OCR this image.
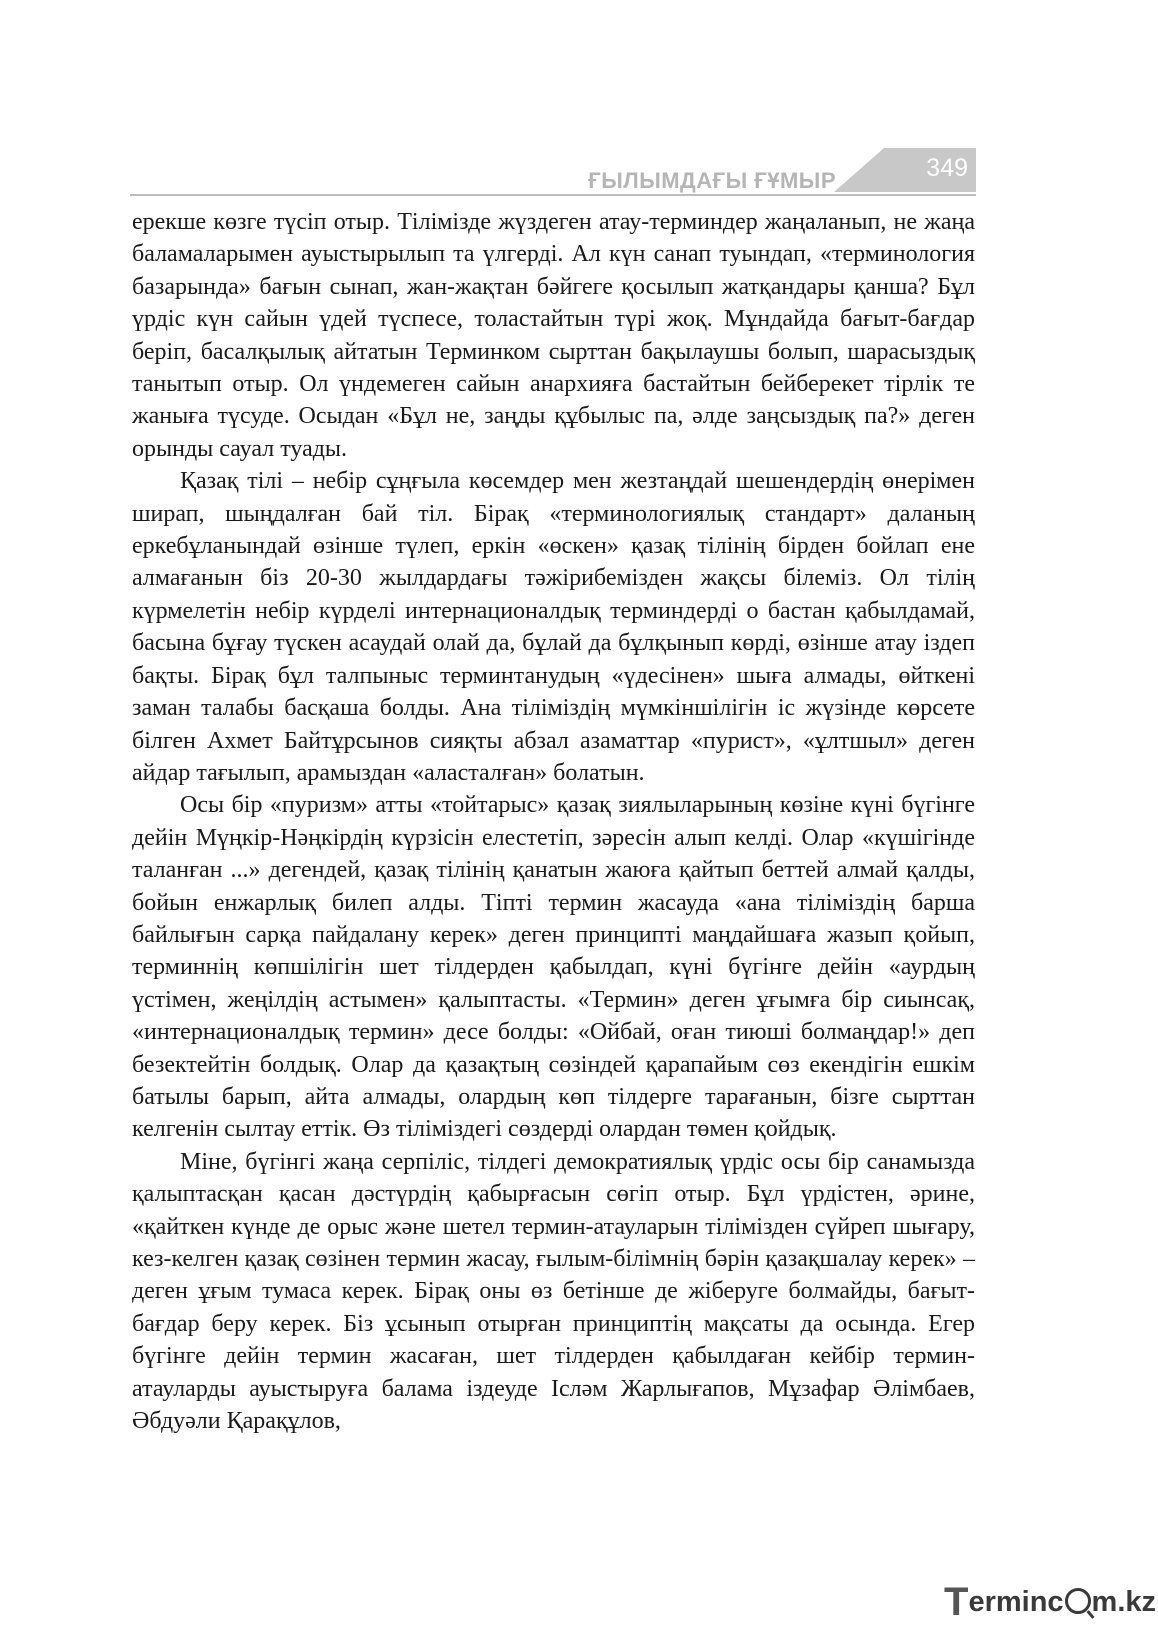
ҒЫЛЫМДАҒЫ ҒҰМЫР	349

ерекше көзге түсіп отыр. Тілімізде жүздеген атау-терминдер жаңаланып, не жаңа баламаларымен ауыстырылып та үлгерді. Ал күн санап туындап, «терминология базарында» бағын сынап, жан-жақтан бәйгеге қосылып жатқандары қанша? Бұл үрдіс күн сайын үдей түспесе, толастайтын түрі жоқ. Мұндайда бағыт-бағдар беріп, басалқылық айтатын Терминком сырттан бақылаушы болып, шарасыздық танытып отыр. Ол үндемеген сайын анархияға бастайтын бейберекет тірлік те жаныға түсуде. Осыдан «Бұл не, заңды құбылыс па, әлде заңсыздық па?» деген орынды сауал туады.

Қазақ тілі – небір сұңғыла көсемдер мен жезтаңдай шешендердің өнерімен ширап, шыңдалған бай тіл. Бірақ «терминологиялық стандарт» даланың еркебұланындай өзінше түлеп, еркін «өскен» қазақ тілінің бірден бойлап ене алмағанын біз 20-30 жылдардағы тәжірибемізден жақсы білеміз. Ол тілің күрмелетін небір күрделі интернационалдық терминдерді о бастан қабылдамай, басына бұғау түскен асаудай олай да, бұлай да бұлқынып көрді, өзінше атау іздеп бақты. Бірақ бұл талпыныс терминтанудың «үдесінен» шыға алмады, өйткені заман талабы басқаша болды. Ана тіліміздің мүмкіншілігін іс жүзінде көрсете білген Ахмет Байтұрсынов сияқты абзал азаматтар «пурист», «ұлтшыл» деген айдар тағылып, арамыздан «аласталған» болатын.

Осы бір «пуризм» атты «тойтарыс» қазақ зиялыларының көзіне күні бүгінге дейін Мүңкір-Нәңкірдің күрзісін елестетіп, зәресін алып келді. Олар «күшігінде таланған ...» дегендей, қазақ тілінің қанатын жаюға қайтып беттей алмай қалды, бойын енжарлық билеп алды. Тіпті термин жасауда «ана тіліміздің барша байлығын сарқа пайдалану керек» деген принципті маңдайшаға жазып қойып, терминнің көпшілігін шет тілдерден қабылдап, күні бүгінге дейін «аурдың үстімен, жеңілдің астымен» қалыптасты. «Термин» деген ұғымға бір сиынсақ, «интернационалдық термин» десе болды: «Ойбай, оған тиюші болмаңдар!» деп безектейтін болдық. Олар да қазақтың сөзіндей қарапайым сөз екендігін ешкім батылы барып, айта алмады, олардың көп тілдерге тарағанын, бізге сырттан келгенін сылтау еттік. Өз тіліміздегі сөздерді олардан төмен қойдық.

Міне, бүгінгі жаңа серпіліс, тілдегі демократиялық үрдіс осы бір санамызда қалыптасқан қасан дәстүрдің қабырғасын сөгіп отыр. Бұл үрдістен, әрине, «қайткен күнде де орыс және шетел термин-атауларын тілімізден сүйреп шығару, кез-келген қазақ сөзінен термин жасау, ғылым-білімнің бәрін қазақшалау керек» – деген ұғым тумаса керек. Бірақ оны өз бетінше де жіберуге болмайды, бағыт-бағдар беру керек. Біз ұсынып отырған принциптің мақсаты да осында. Егер бүгінге дейін термин жасаған, шет тілдерден қабылдаған кейбір термин-атауларды ауыстыруға балама іздеуде Ісләм Жарлығапов, Мұзафар Әлімбаев, Әбдуәли Қарақұлов,

Terminc m.kz
